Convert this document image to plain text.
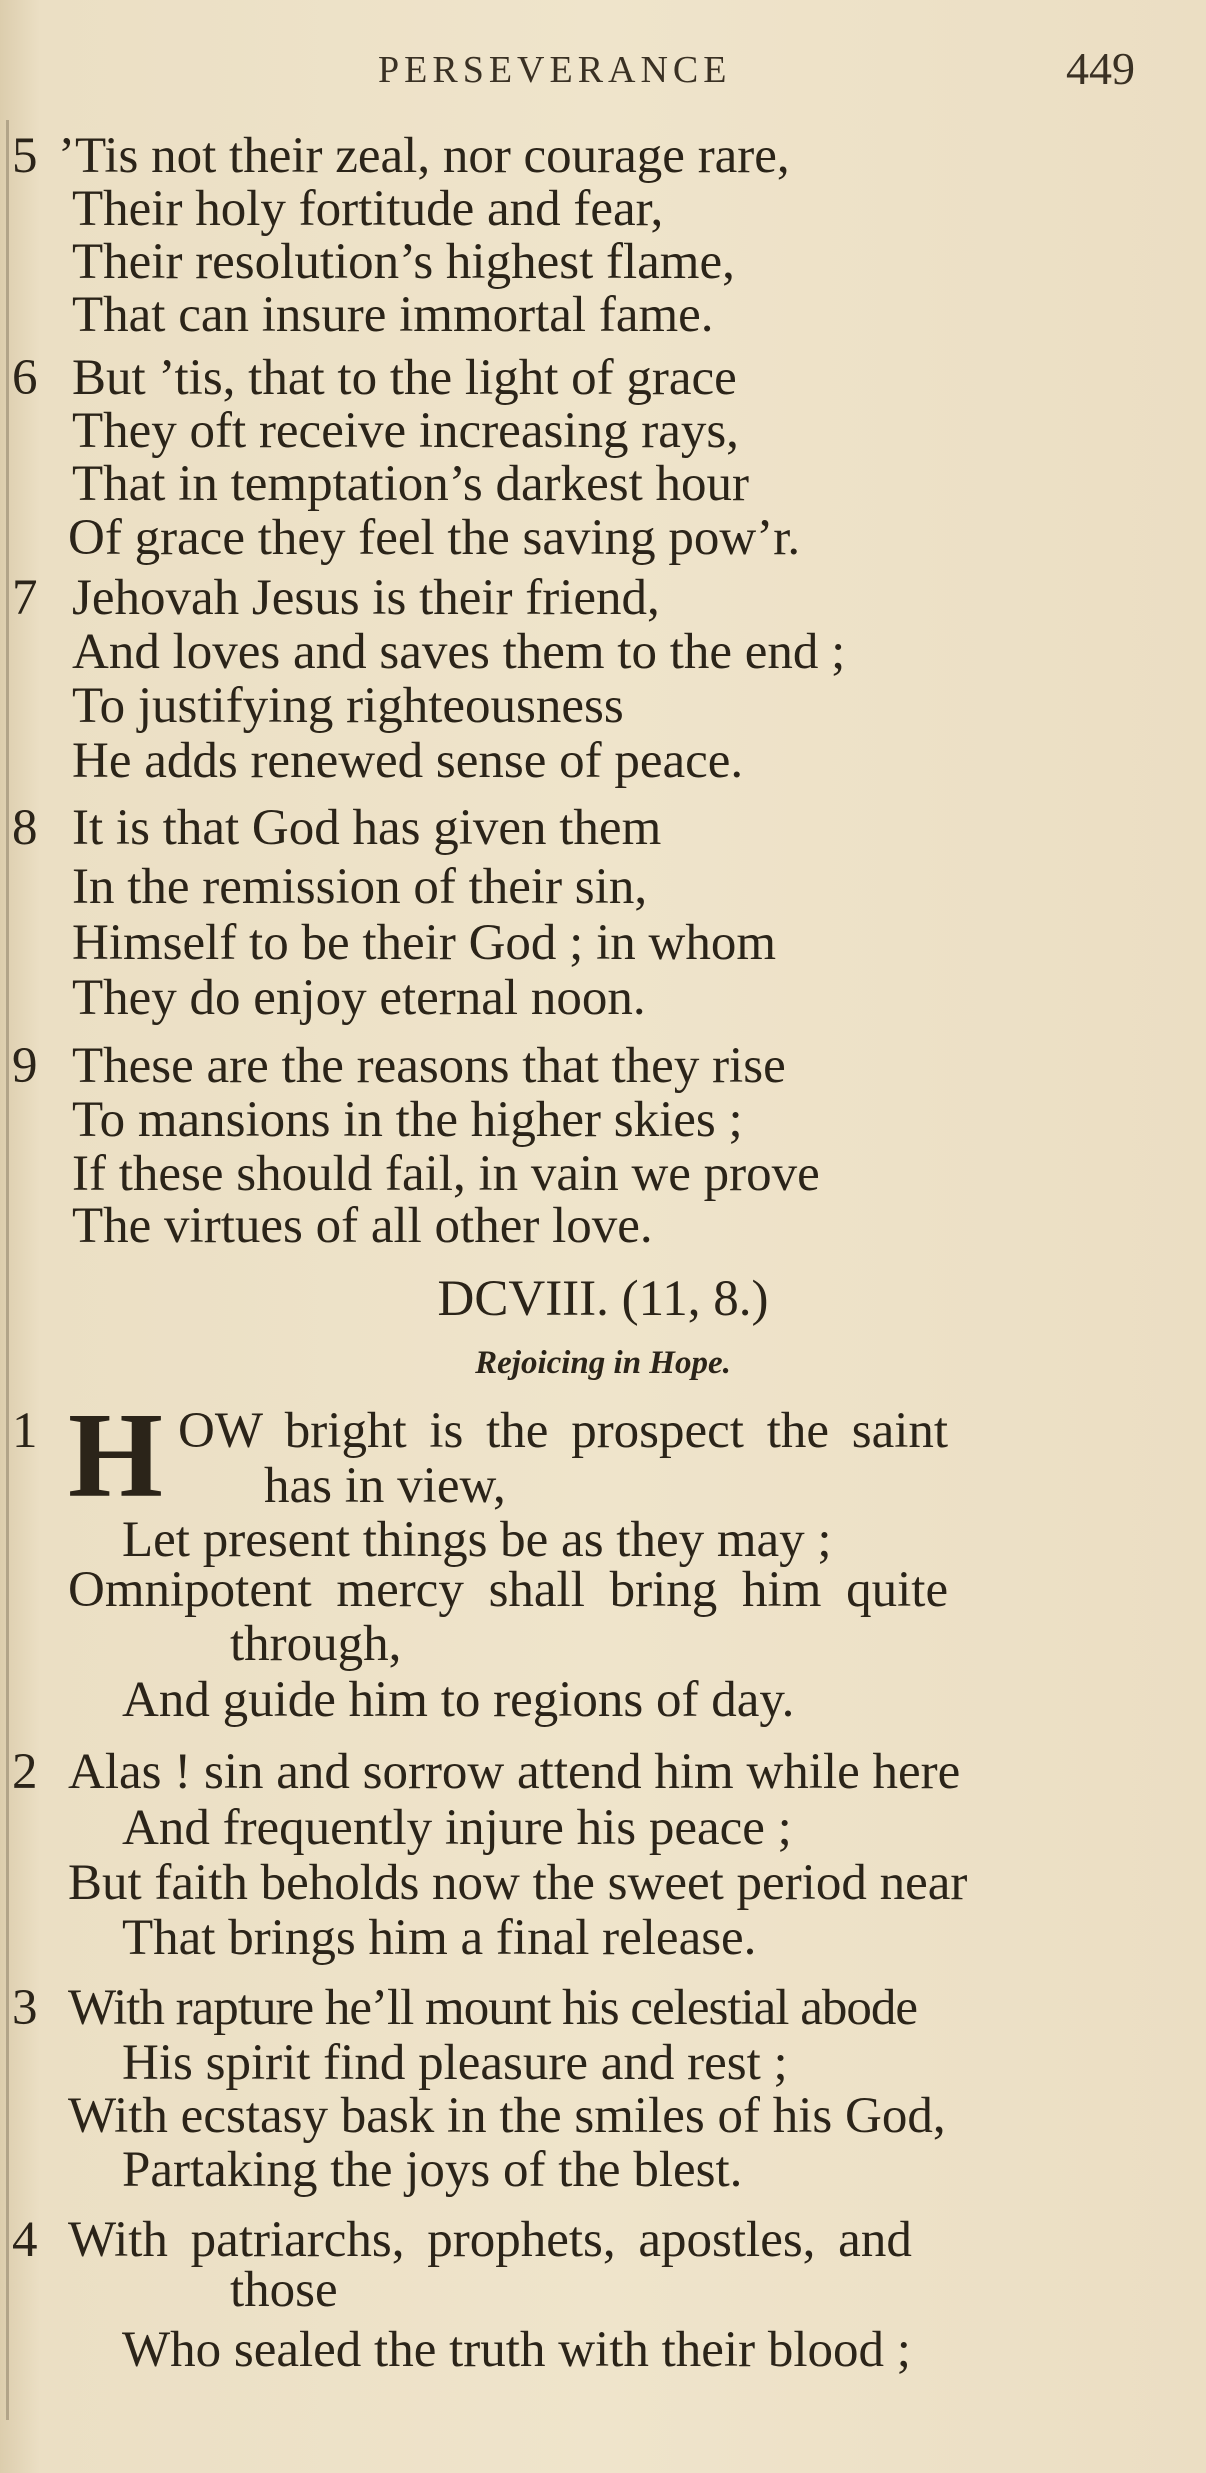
PERSEVERANCE	449
5 ’Tis not their zeal, nor courage rare,
Their holy fortitude and fear,
Their resolution’s highest flame,
That can insure immortal fame.
6 But ’tis, that to the light of grace
They oft receive increasing rays,
That in temptation’s darkest hour
Of grace they feel the saving pow’r.
7 Jehovah Jesus is their friend,
And loves and saves them to the end ;
To justifying righteousness
He adds renewed sense of peace.
8 It is that God has given them
In the remission of their sin,
Himself to be their God ; in whom
They do enjoy eternal noon.
9 These are the reasons that they rise
To mansions in the higher skies ;
If these should fail, in vain we prove
The virtues of all other love.
DCVIII. (11, 8.)
Rejoicing in Hope.
1 H OW bright is the prospect the saint
has in view,
Let present things be as they may ;
Omnipotent mercy shall bring him quite
through,
And guide him to regions of day.
2 Alas ! sin and sorrow attend him while here
And frequently injure his peace ;
But faith beholds now the sweet period near
That brings him a final release.
3 With rapture he’ll mount his celestial abode
His spirit find pleasure and rest ;
With ecstasy bask in the smiles of his God,
Partaking the joys of the blest.
4 With patriarchs, prophets, apostles, and
those
Who sealed the truth with their blood ;
